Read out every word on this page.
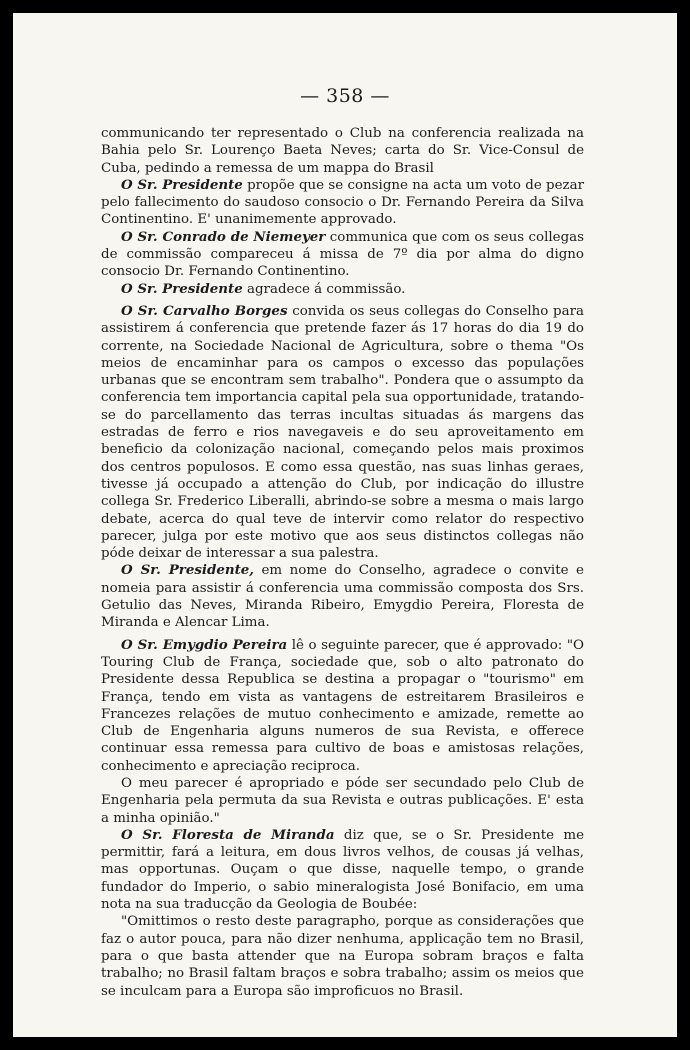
— 358 —

communicando ter representado o Club na conferencia realizada na Bahia pelo Sr. Lourenço Baeta Neves; carta do Sr. Vice-Consul de Cuba, pedindo a remessa de um mappa do Brasil

O Sr. Presidente propõe que se consigne na acta um voto de pezar pelo fallecimento do saudoso consocio o Dr. Fernando Pereira da Silva Continentino. E' unanimemente approvado.

O Sr. Conrado de Niemeyer communica que com os seus collegas de commissão compareceu á missa de 7º dia por alma do digno consocio Dr. Fernando Continentino.

O Sr. Presidente agradece á commissão.

O Sr. Carvalho Borges convida os seus collegas do Conselho para assistirem á conferencia que pretende fazer ás 17 horas do dia 19 do corrente, na Sociedade Nacional de Agricultura, sobre o thema "Os meios de encaminhar para os campos o excesso das populações urbanas que se encontram sem trabalho". Pondera que o assumpto da conferencia tem importancia capital pela sua opportunidade, tratando-se do parcellamento das terras incultas situadas ás margens das estradas de ferro e rios navegaveis e do seu aproveitamento em beneficio da colonização nacional, começando pelos mais proximos dos centros populosos. E como essa questão, nas suas linhas geraes, tivesse já occupado a attenção do Club, por indicação do illustre collega Sr. Frederico Liberalli, abrindo-se sobre a mesma o mais largo debate, acerca do qual teve de intervir como relator do respectivo parecer, julga por este motivo que aos seus distinctos collegas não póde deixar de interessar a sua palestra.

O Sr. Presidente, em nome do Conselho, agradece o convite e nomeia para assistir á conferencia uma commissão composta dos Srs. Getulio das Neves, Miranda Ribeiro, Emygdio Pereira, Floresta de Miranda e Alencar Lima.

O Sr. Emygdio Pereira lê o seguinte parecer, que é approvado: "O Touring Club de França, sociedade que, sob o alto patronato do Presidente dessa Republica se destina a propagar o "tourismo" em França, tendo em vista as vantagens de estreitarem Brasileiros e Francezes relações de mutuo conhecimento e amizade, remette ao Club de Engenharia alguns numeros de sua Revista, e offerece continuar essa remessa para cultivo de boas e amistosas relações, conhecimento e apreciação reciproca.

O meu parecer é apropriado e póde ser secundado pelo Club de Engenharia pela permuta da sua Revista e outras publicações. E' esta a minha opinião."

O Sr. Floresta de Miranda diz que, se o Sr. Presidente me permittir, fará a leitura, em dous livros velhos, de cousas já velhas, mas opportunas. Ouçam o que disse, naquelle tempo, o grande fundador do Imperio, o sabio mineralogista José Bonifacio, em uma nota na sua traducção da Geologia de Boubée:

"Omittimos o resto deste paragrapho, porque as considerações que faz o autor pouca, para não dizer nenhuma, applicação tem no Brasil, para o que basta attender que na Europa sobram braços e falta trabalho; no Brasil faltam braços e sobra trabalho; assim os meios que se inculcam para a Europa são improficuos no Brasil.
